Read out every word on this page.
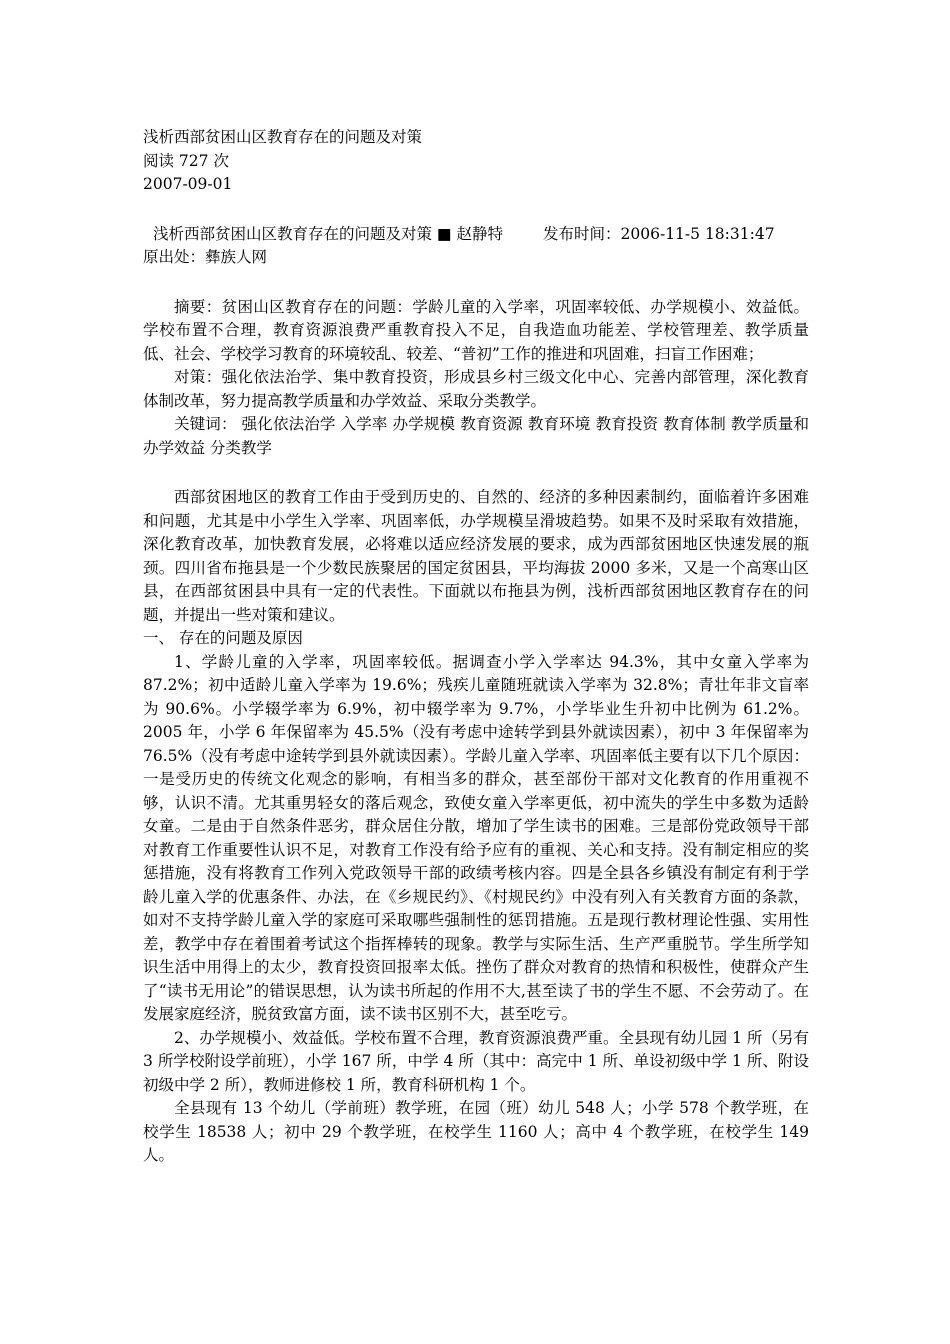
浅析西部贫困山区教育存在的问题及对策
阅读 727 次
2007-09-01
浅析西部贫困山区教育存在的问题及对策 ■ 赵静特	发布时间：2006-11-5 18:31:47
原出处：彝族人网
摘要：贫困山区教育存在的问题：学龄儿童的入学率，巩固率较低、办学规模小、效益低。学校布置不合理，教育资源浪费严重教育投入不足，自我造血功能差、学校管理差、教学质量低、社会、学校学习教育的环境较乱、较差、“普初”工作的推进和巩固难，扫盲工作困难；
对策：强化依法治学、集中教育投资，形成县乡村三级文化中心、完善内部管理，深化教育体制改革，努力提高教学质量和办学效益、采取分类教学。
关键词： 强化依法治学 入学率 办学规模 教育资源 教育环境 教育投资 教育体制 教学质量和办学效益 分类教学
西部贫困地区的教育工作由于受到历史的、自然的、经济的多种因素制约，面临着许多困难和问题，尤其是中小学生入学率、巩固率低，办学规模呈滑坡趋势。如果不及时采取有效措施，深化教育改革，加快教育发展，必将难以适应经济发展的要求，成为西部贫困地区快速发展的瓶颈。四川省布拖县是一个少数民族聚居的国定贫困县，平均海拔 2000 多米，又是一个高寒山区县，在西部贫困县中具有一定的代表性。下面就以布拖县为例，浅析西部贫困地区教育存在的问题，并提出一些对策和建议。
一、 存在的问题及原因
1、学龄儿童的入学率，巩固率较低。据调查小学入学率达 94.3%，其中女童入学率为 87.2%；初中适龄儿童入学率为 19.6%；残疾儿童随班就读入学率为 32.8%；青壮年非文盲率为 90.6%。小学辍学率为 6.9%，初中辍学率为 9.7%，小学毕业生升初中比例为 61.2%。2005 年，小学 6 年保留率为 45.5%（没有考虑中途转学到县外就读因素），初中 3 年保留率为 76.5%（没有考虑中途转学到县外就读因素）。学龄儿童入学率、巩固率低主要有以下几个原因：一是受历史的传统文化观念的影响，有相当多的群众，甚至部份干部对文化教育的作用重视不够，认识不清。尤其重男轻女的落后观念，致使女童入学率更低，初中流失的学生中多数为适龄女童。二是由于自然条件恶劣，群众居住分散，增加了学生读书的困难。三是部份党政领导干部对教育工作重要性认识不足，对教育工作没有给予应有的重视、关心和支持。没有制定相应的奖惩措施，没有将教育工作列入党政领导干部的政绩考核内容。四是全县各乡镇没有制定有利于学龄儿童入学的优惠条件、办法，在《乡规民约》、《村规民约》中没有列入有关教育方面的条款，如对不支持学龄儿童入学的家庭可采取哪些强制性的惩罚措施。五是现行教材理论性强、实用性差，教学中存在着围着考试这个指挥棒转的现象。教学与实际生活、生产严重脱节。学生所学知识生活中用得上的太少，教育投资回报率太低。挫伤了群众对教育的热情和积极性，使群众产生了“读书无用论”的错误思想，认为读书所起的作用不大,甚至读了书的学生不愿、不会劳动了。在发展家庭经济，脱贫致富方面，读不读书区别不大，甚至吃亏。
2、办学规模小、效益低。学校布置不合理，教育资源浪费严重。全县现有幼儿园 1 所（另有 3 所学校附设学前班），小学 167 所，中学 4 所（其中：高完中 1 所、单设初级中学 1 所、附设初级中学 2 所），教师进修校 1 所，教育科研机构 1 个。
全县现有 13 个幼儿（学前班）教学班，在园（班）幼儿 548 人；小学 578 个教学班，在校学生 18538 人；初中 29 个教学班，在校学生 1160 人；高中 4 个教学班，在校学生 149 人。
